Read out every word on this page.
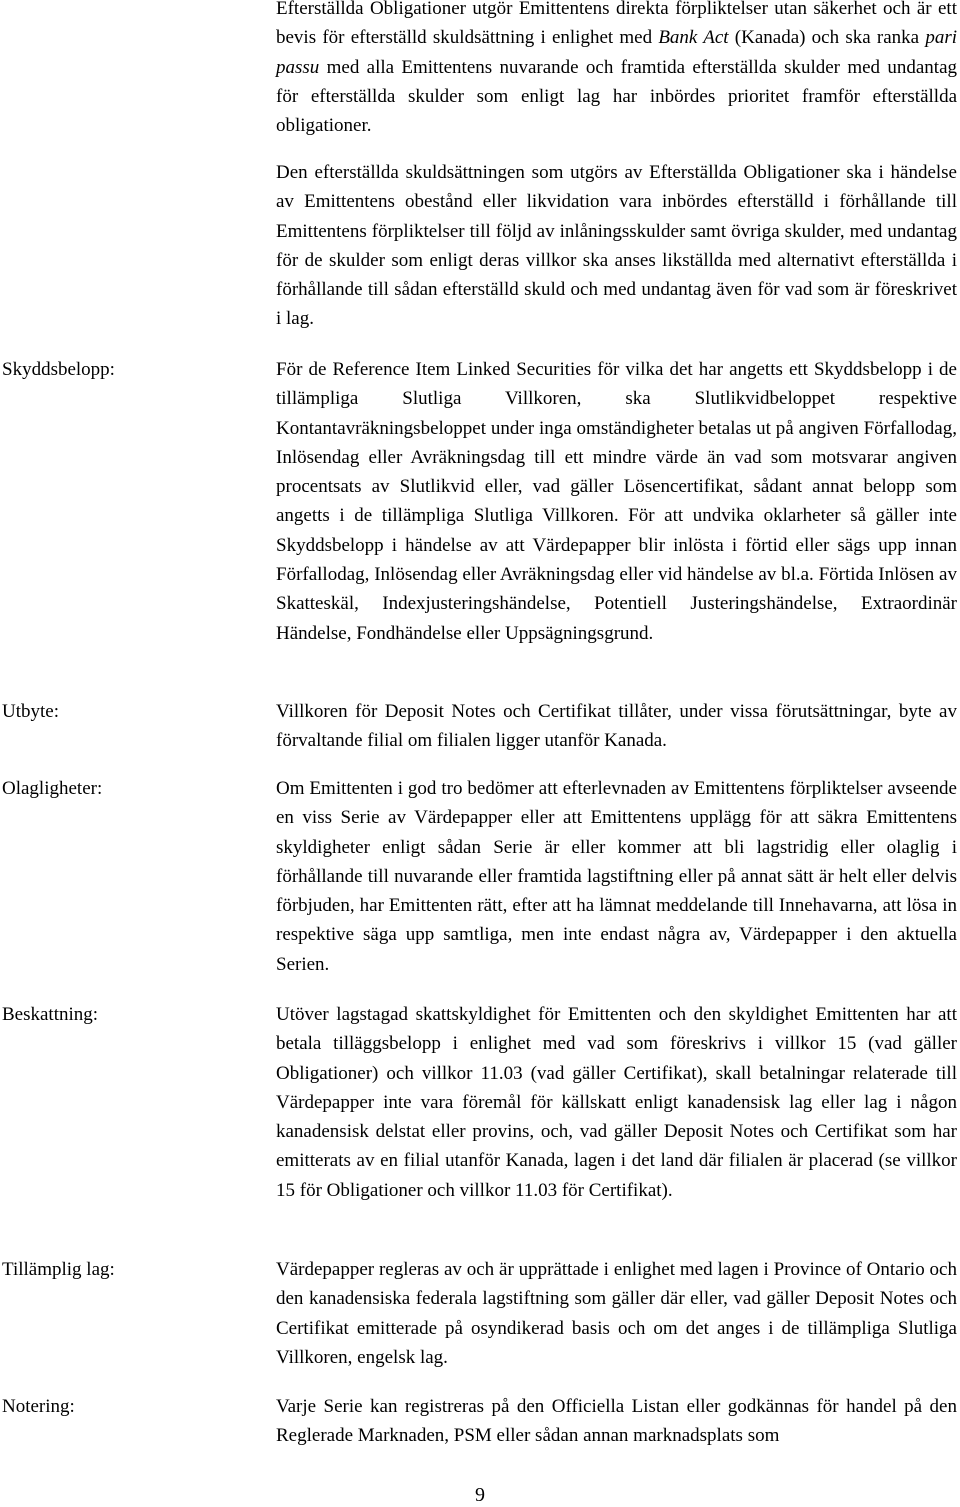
Efterställda Obligationer utgör Emittentens direkta förpliktelser utan säkerhet och är ett bevis för efterställd skuldsättning i enlighet med Bank Act (Kanada) och ska ranka pari passu med alla Emittentens nuvarande och framtida efterställda skulder med undantag för efterställda skulder som enligt lag har inbördes prioritet framför efterställda obligationer.
Den efterställda skuldsättningen som utgörs av Efterställda Obligationer ska i händelse av Emittentens obestånd eller likvidation vara inbördes efterställd i förhållande till Emittentens förpliktelser till följd av inlåningsskulder samt övriga skulder, med undantag för de skulder som enligt deras villkor ska anses likställda med alternativt efterställda i förhållande till sådan efterställd skuld och med undantag även för vad som är föreskrivet i lag.
Skyddsbelopp:	För de Reference Item Linked Securities för vilka det har angetts ett Skyddsbelopp i de tillämpliga Slutliga Villkoren, ska Slutlikvidbeloppet respektive Kontantavräkningsbeloppet under inga omständigheter betalas ut på angiven Förfallodag, Inlösendag eller Avräkningsdag till ett mindre värde än vad som motsvarar angiven procentsats av Slutlikvid eller, vad gäller Lösencertifikat, sådant annat belopp som angetts i de tillämpliga Slutliga Villkoren. För att undvika oklarheter så gäller inte Skyddsbelopp i händelse av att Värdepapper blir inlösta i förtid eller sägs upp innan Förfallodag, Inlösendag eller Avräkningsdag eller vid händelse av bl.a. Förtida Inlösen av Skatteskäl, Indexjusteringshändelse, Potentiell Justeringshändelse, Extraordinär Händelse, Fondhändelse eller Uppsägningsgrund.
Utbyte:	Villkoren för Deposit Notes och Certifikat tillåter, under vissa förutsättningar, byte av förvaltande filial om filialen ligger utanför Kanada.
Olagligheter:	Om Emittenten i god tro bedömer att efterlevnaden av Emittentens förpliktelser avseende en viss Serie av Värdepapper eller att Emittentens upplägg för att säkra Emittentens skyldigheter enligt sådan Serie är eller kommer att bli lagstridig eller olaglig i förhållande till nuvarande eller framtida lagstiftning eller på annat sätt är helt eller delvis förbjuden, har Emittenten rätt, efter att ha lämnat meddelande till Innehavarna, att lösa in respektive säga upp samtliga, men inte endast några av, Värdepapper i den aktuella Serien.
Beskattning:	Utöver lagstagad skattskyldighet för Emittenten och den skyldighet Emittenten har att betala tilläggsbelopp i enlighet med vad som föreskrivs i villkor 15 (vad gäller Obligationer) och villkor 11.03 (vad gäller Certifikat), skall betalningar relaterade till Värdepapper inte vara föremål för källskatt enligt kanadensisk lag eller lag i någon kanadensisk delstat eller provins, och, vad gäller Deposit Notes och Certifikat som har emitterats av en filial utanför Kanada, lagen i det land där filialen är placerad (se villkor 15 för Obligationer och villkor 11.03 för Certifikat).
Tillämplig lag:	Värdepapper regleras av och är upprättade i enlighet med lagen i Province of Ontario och den kanadensiska federala lagstiftning som gäller där eller, vad gäller Deposit Notes och Certifikat emitterade på osyndikerad basis och om det anges i de tillämpliga Slutliga Villkoren, engelsk lag.
Notering:	Varje Serie kan registreras på den Officiella Listan eller godkännas för handel på den Reglerade Marknaden, PSM eller sådan annan marknadsplats som
9
